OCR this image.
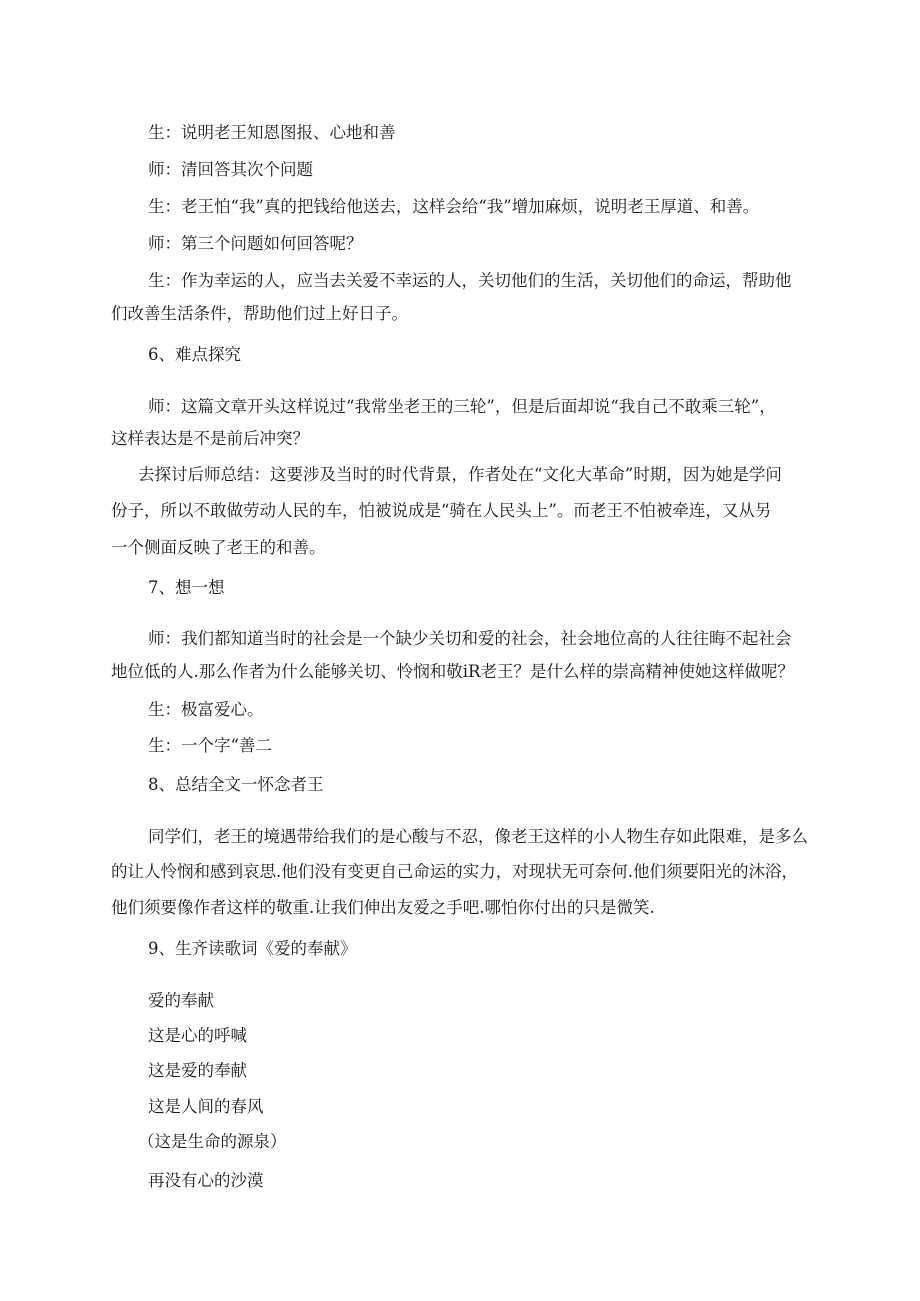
生：说明老王知恩图报、心地和善
师：清回答其次个问题
生：老王怕“我”真的把钱给他送去，这样会给“我”增加麻烦，说明老王厚道、和善。
师：第三个问题如何回答呢？
生：作为幸运的人，应当去关爱不幸运的人，关切他们的生活，关切他们的命运，帮助他
们改善生活条件，帮助他们过上好日子。
6、难点探究
师：这篇文章开头这样说过“我常坐老王的三轮”，但是后面却说“我自己不敢乘三轮”，
这样表达是不是前后冲突？
去探讨后师总结：这要涉及当时的时代背景，作者处在“文化大革命”时期，因为她是学问
份子，所以不敢做劳动人民的车，怕被说成是“骑在人民头上”。而老王不怕被牵连，又从另
一个侧面反映了老王的和善。
7、想一想
师：我们都知道当时的社会是一个缺少关切和爱的社会，社会地位高的人往往晦不起社会
地位低的人.那么作者为什么能够关切、怜悯和敬iR老王？是什么样的崇高精神使她这样做呢？
生：极富爱心。
生：一个字“善二
8、总结全文一怀念者王
同学们，老王的境遇带给我们的是心酸与不忍，像老王这样的小人物生存如此限难，是多么
的让人怜悯和感到哀思.他们没有变更自己命运的实力，对现状无可奈何.他们须要阳光的沐浴，
他们须要像作者这样的敬重.让我们伸出友爱之手吧.哪怕你付出的只是微笑.
9、生齐读歌词《爱的奉献》
爱的奉献
这是心的呼喊
这是爱的奉献
这是人间的春风
（这是生命的源泉）
再没有心的沙漠
